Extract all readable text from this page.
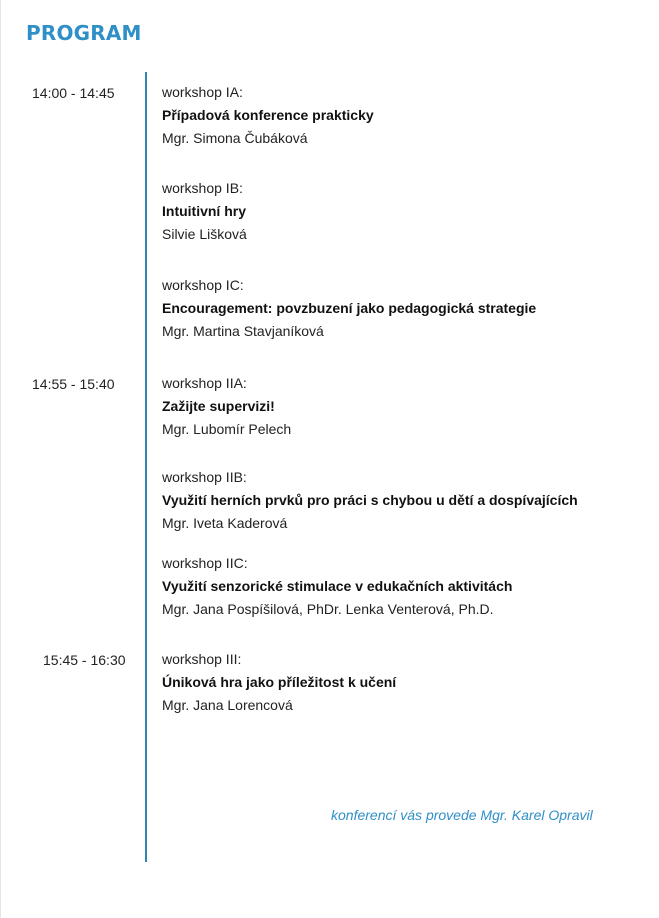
PROGRAM
14:00 - 14:45	workshop IA:
Případová konference prakticky
Mgr. Simona Čubáková
workshop IB:
Intuitivní hry
Silvie Lišková
workshop IC:
Encouragement: povzbuzení jako pedagogická strategie
Mgr. Martina Stavjaníková
14:55 - 15:40	workshop IIA:
Zažijte supervizi!
Mgr. Lubomír Pelech
workshop IIB:
Využití herních prvků pro práci s chybou u dětí a dospívajících
Mgr. Iveta Kaderová
workshop IIC:
Využití senzorické stimulace v edukačních aktivitách
Mgr. Jana Pospíšilová, PhDr. Lenka Venterová, Ph.D.
15:45 - 16:30	workshop III:
Úniková hra jako příležitost k učení
Mgr. Jana Lorencová
konferencí vás provede Mgr. Karel Opravil
